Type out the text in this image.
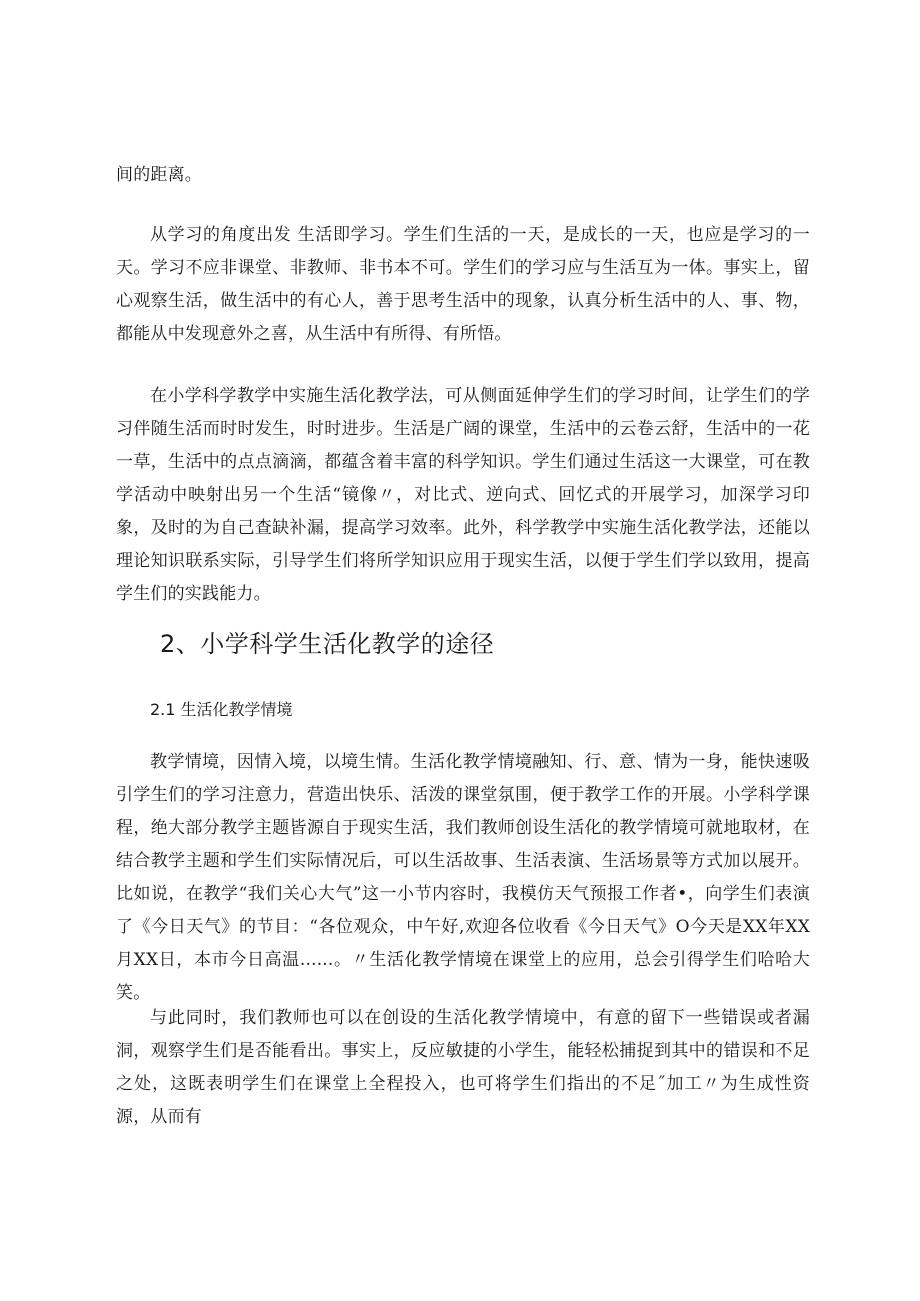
间的距离。

从学习的角度出发 生活即学习。学生们生活的一天，是成长的一天，也应是学习的一天。学习不应非课堂、非教师、非书本不可。学生们的学习应与生活互为一体。事实上，留心观察生活，做生活中的有心人，善于思考生活中的现象，认真分析生活中的人、事、物，都能从中发现意外之喜，从生活中有所得、有所悟。

在小学科学教学中实施生活化教学法，可从侧面延伸学生们的学习时间，让学生们的学习伴随生活而时时发生，时时进步。生活是广阔的课堂，生活中的云卷云舒，生活中的一花一草，生活中的点点滴滴，都蕴含着丰富的科学知识。学生们通过生活这一大课堂，可在教学活动中映射出另一个生活“镜像〃，对比式、逆向式、回忆式的开展学习，加深学习印象，及时的为自己查缺补漏，提高学习效率。此外，科学教学中实施生活化教学法，还能以理论知识联系实际，引导学生们将所学知识应用于现实生活，以便于学生们学以致用，提高学生们的实践能力。

2、小学科学生活化教学的途径
2.1 生活化教学情境

教学情境，因情入境，以境生情。生活化教学情境融知、行、意、情为一身，能快速吸引学生们的学习注意力，营造出快乐、活泼的课堂氛围，便于教学工作的开展。小学科学课程，绝大部分教学主题皆源自于现实生活，我们教师创设生活化的教学情境可就地取材，在结合教学主题和学生们实际情况后，可以生活故事、生活表演、生活场景等方式加以展开。比如说，在教学“我们关心大气”这一小节内容时，我模仿天气预报工作者•，向学生们表演了《今日天气》的节目：“各位观众，中午好,欢迎各位收看《今日天气》O今天是XX年XX月XX日，本市今日高温......。〃生活化教学情境在课堂上的应用，总会引得学生们哈哈大笑。

与此同时，我们教师也可以在创设的生活化教学情境中，有意的留下一些错误或者漏洞，观察学生们是否能看出。事实上，反应敏捷的小学生，能轻松捕捉到其中的错误和不足之处，这既表明学生们在课堂上全程投入，也可将学生们指出的不足˝加工〃为生成性资源，从而有
